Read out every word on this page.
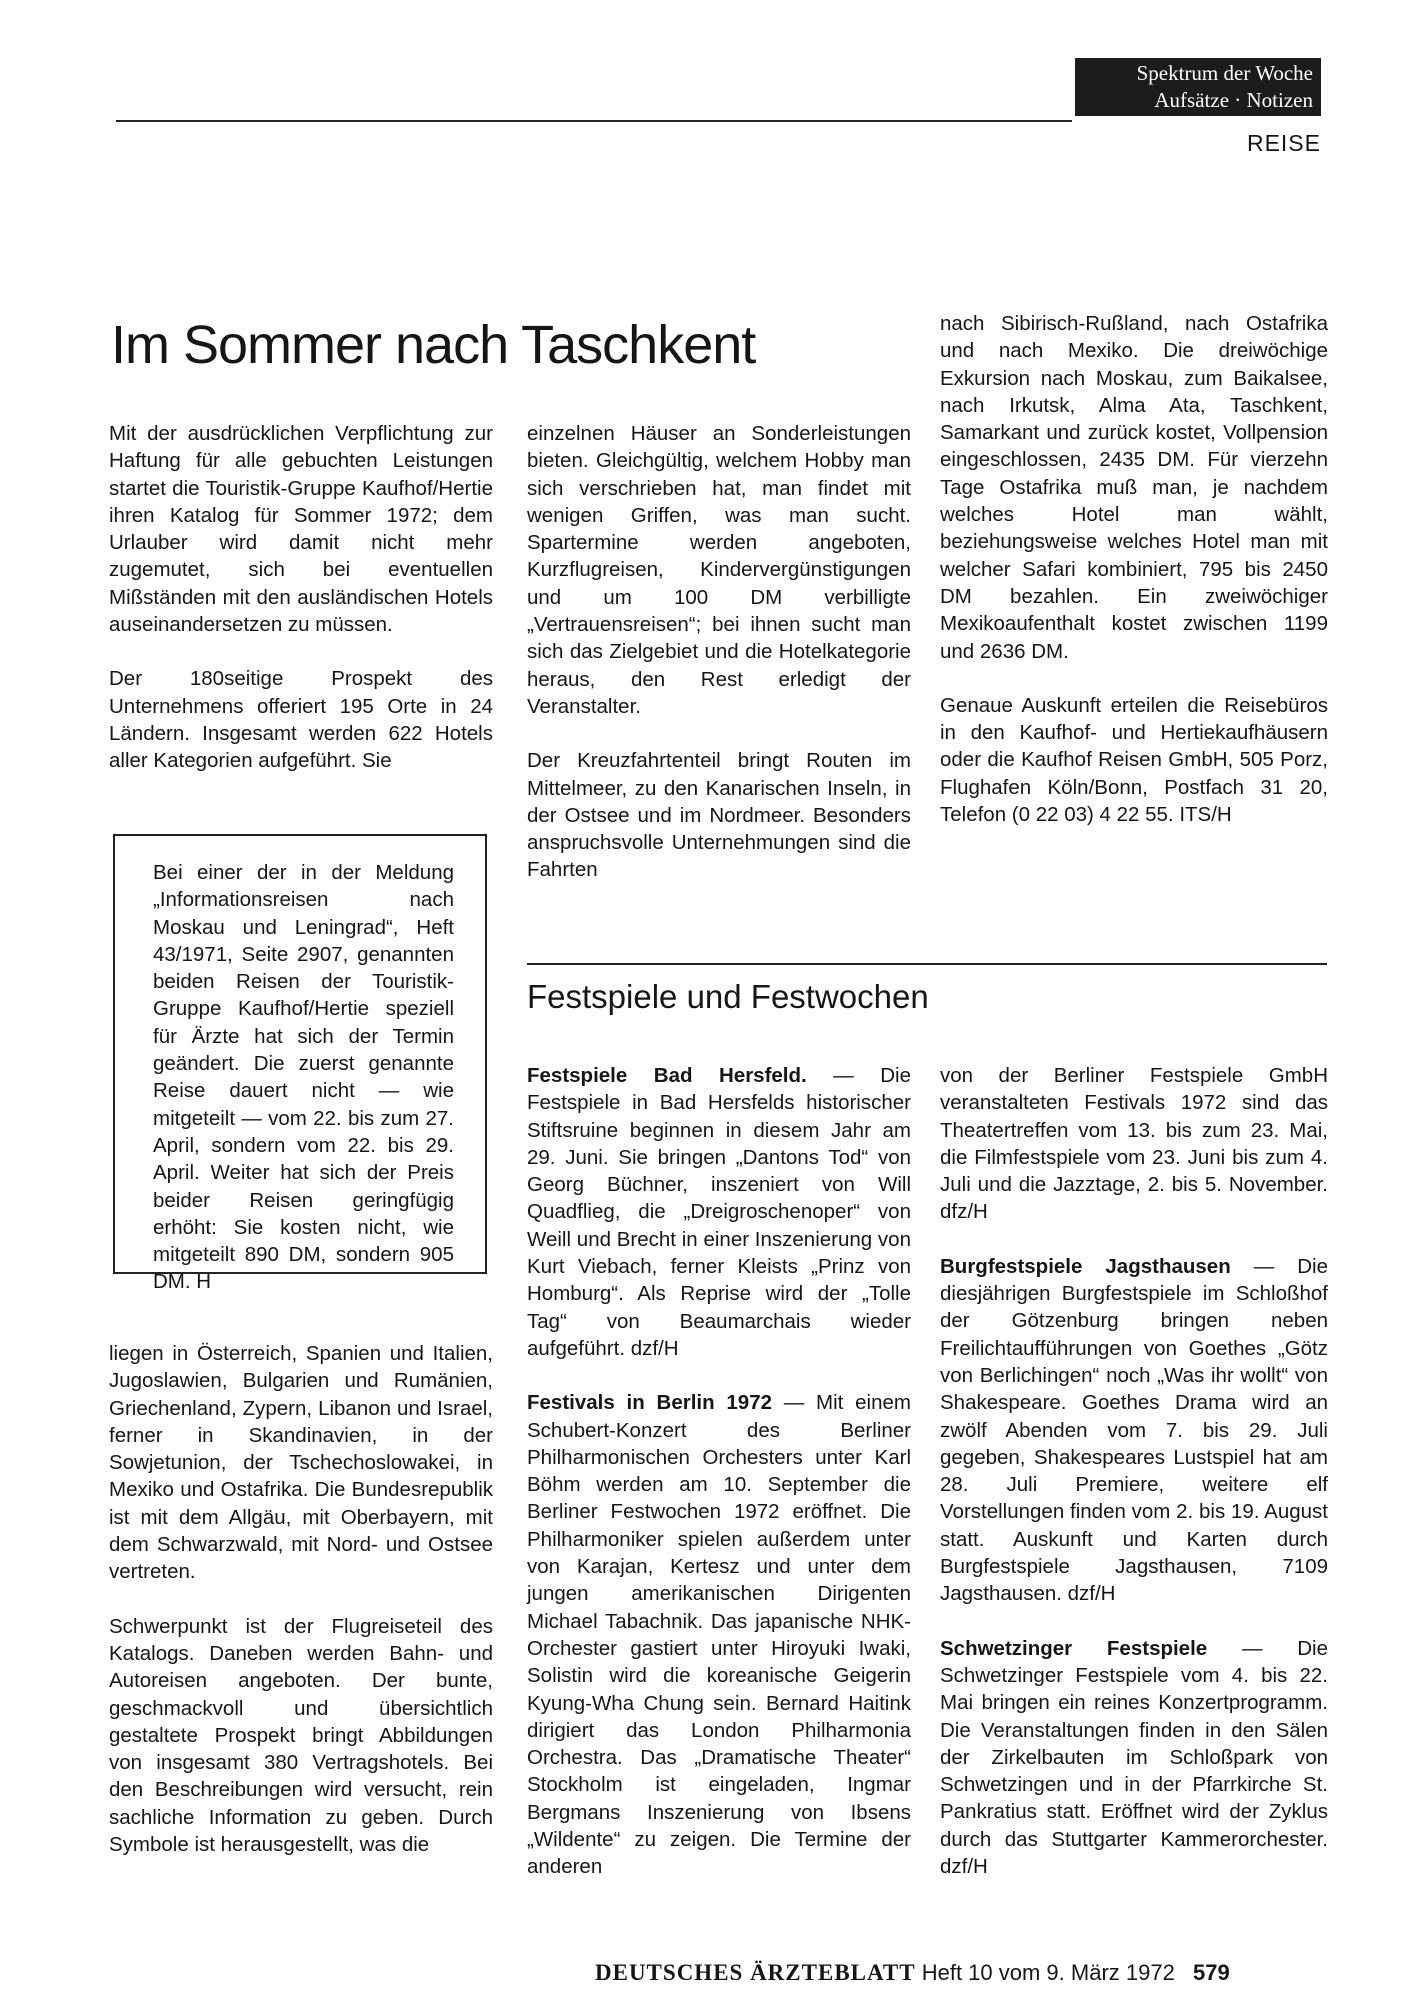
Spektrum der Woche
Aufsätze · Notizen
REISE
Im Sommer nach Taschkent

Mit der ausdrücklichen Verpflichtung zur Haftung für alle gebuchten Leistungen startet die Touristik-Gruppe Kaufhof/Hertie ihren Katalog für Sommer 1972; dem Urlauber wird damit nicht mehr zugemutet, sich bei eventuellen Mißständen mit den ausländischen Hotels auseinandersetzen zu müssen.

Der 180seitige Prospekt des Unternehmens offeriert 195 Orte in 24 Ländern. Insgesamt werden 622 Hotels aller Kategorien aufgeführt. Sie

Bei einer der in der Meldung „Informationsreisen nach Moskau und Leningrad“, Heft 43/1971, Seite 2907, genannten beiden Reisen der Touristik-Gruppe Kaufhof/Hertie speziell für Ärzte hat sich der Termin geändert. Die zuerst genannte Reise dauert nicht — wie mitgeteilt — vom 22. bis zum 27. April, sondern vom 22. bis 29. April. Weiter hat sich der Preis beider Reisen geringfügig erhöht: Sie kosten nicht, wie mitgeteilt 890 DM, sondern 905 DM. H

liegen in Österreich, Spanien und Italien, Jugoslawien, Bulgarien und Rumänien, Griechenland, Zypern, Libanon und Israel, ferner in Skandinavien, in der Sowjetunion, der Tschechoslowakei, in Mexiko und Ostafrika. Die Bundesrepublik ist mit dem Allgäu, mit Oberbayern, mit dem Schwarzwald, mit Nord- und Ostsee vertreten.

Schwerpunkt ist der Flugreiseteil des Katalogs. Daneben werden Bahn- und Autoreisen angeboten. Der bunte, geschmackvoll und übersichtlich gestaltete Prospekt bringt Abbildungen von insgesamt 380 Vertragshotels. Bei den Beschreibungen wird versucht, rein sachliche Information zu geben. Durch Symbole ist herausgestellt, was die

einzelnen Häuser an Sonderleistungen bieten. Gleichgültig, welchem Hobby man sich verschrieben hat, man findet mit wenigen Griffen, was man sucht. Spartermine werden angeboten, Kurzflugreisen, Kindervergünstigungen und um 100 DM verbilligte „Vertrauensreisen“; bei ihnen sucht man sich das Zielgebiet und die Hotelkategorie heraus, den Rest erledigt der Veranstalter.

Der Kreuzfahrtenteil bringt Routen im Mittelmeer, zu den Kanarischen Inseln, in der Ostsee und im Nordmeer. Besonders anspruchsvolle Unternehmungen sind die Fahrten

nach Sibirisch-Rußland, nach Ostafrika und nach Mexiko. Die dreiwöchige Exkursion nach Moskau, zum Baikalsee, nach Irkutsk, Alma Ata, Taschkent, Samarkant und zurück kostet, Vollpension eingeschlossen, 2435 DM. Für vierzehn Tage Ostafrika muß man, je nachdem welches Hotel man wählt, beziehungsweise welches Hotel man mit welcher Safari kombiniert, 795 bis 2450 DM bezahlen. Ein zweiwöchiger Mexikoaufenthalt kostet zwischen 1199 und 2636 DM.

Genaue Auskunft erteilen die Reisebüros in den Kaufhof- und Hertiekaufhäusern oder die Kaufhof Reisen GmbH, 505 Porz, Flughafen Köln/Bonn, Postfach 31 20, Telefon (0 22 03) 4 22 55. ITS/H

Festspiele und Festwochen

Festspiele Bad Hersfeld. — Die Festspiele in Bad Hersfelds historischer Stiftsruine beginnen in diesem Jahr am 29. Juni. Sie bringen „Dantons Tod“ von Georg Büchner, inszeniert von Will Quadflieg, die „Dreigroschenoper“ von Weill und Brecht in einer Inszenierung von Kurt Viebach, ferner Kleists „Prinz von Homburg“. Als Reprise wird der „Tolle Tag“ von Beaumarchais wieder aufgeführt. dzf/H

Festivals in Berlin 1972 — Mit einem Schubert-Konzert des Berliner Philharmonischen Orchesters unter Karl Böhm werden am 10. September die Berliner Festwochen 1972 eröffnet. Die Philharmoniker spielen außerdem unter von Karajan, Kertesz und unter dem jungen amerikanischen Dirigenten Michael Tabachnik. Das japanische NHK-Orchester gastiert unter Hiroyuki Iwaki, Solistin wird die koreanische Geigerin Kyung-Wha Chung sein. Bernard Haitink dirigiert das London Philharmonia Orchestra. Das „Dramatische Theater“ Stockholm ist eingeladen, Ingmar Bergmans Inszenierung von Ibsens „Wildente“ zu zeigen. Die Termine der anderen

von der Berliner Festspiele GmbH veranstalteten Festivals 1972 sind das Theatertreffen vom 13. bis zum 23. Mai, die Filmfestspiele vom 23. Juni bis zum 4. Juli und die Jazztage, 2. bis 5. November. dfz/H

Burgfestspiele Jagsthausen — Die diesjährigen Burgfestspiele im Schloßhof der Götzenburg bringen neben Freilichtaufführungen von Goethes „Götz von Berlichingen“ noch „Was ihr wollt“ von Shakespeare. Goethes Drama wird an zwölf Abenden vom 7. bis 29. Juli gegeben, Shakespeares Lustspiel hat am 28. Juli Premiere, weitere elf Vorstellungen finden vom 2. bis 19. August statt. Auskunft und Karten durch Burgfestspiele Jagsthausen, 7109 Jagsthausen. dzf/H

Schwetzinger Festspiele — Die Schwetzinger Festspiele vom 4. bis 22. Mai bringen ein reines Konzertprogramm. Die Veranstaltungen finden in den Sälen der Zirkelbauten im Schloßpark von Schwetzingen und in der Pfarrkirche St. Pankratius statt. Eröffnet wird der Zyklus durch das Stuttgarter Kammerorchester. dzf/H

DEUTSCHES ÄRZTEBLATT Heft 10 vom 9. März 1972 579
